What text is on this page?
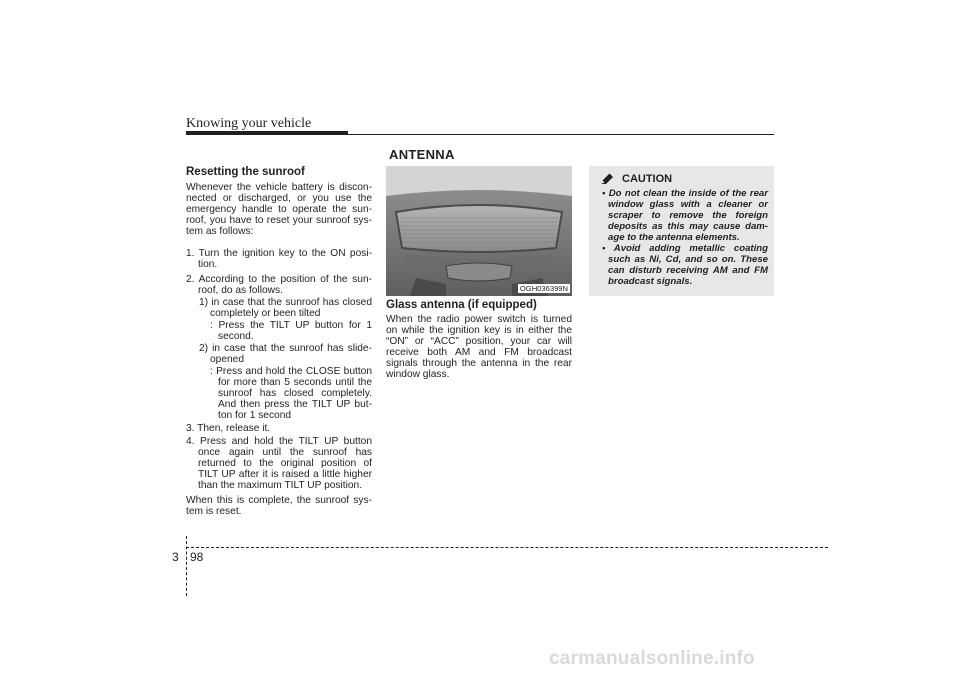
Knowing your vehicle
Resetting the sunroof
Whenever the vehicle battery is discon-nected or discharged, or you use the emergency handle to operate the sun-roof, you have to reset your sunroof sys-tem as follows:
1. Turn the ignition key to the ON posi-tion.
2. According to the position of the sun-roof, do as follows.
1) in case that the sunroof has closed completely or been tilted
: Press the TILT UP button for 1 second.
2) in case that the sunroof has slide-opened
: Press and hold the CLOSE button for more than 5 seconds until the sunroof has closed completely. And then press the TILT UP but-ton for 1 second
3. Then, release it.
4. Press and hold the TILT UP button once again until the sunroof has returned to the original position of TILT UP after it is raised a little higher than the maximum TILT UP position.
When this is complete, the sunroof sys-tem is reset.
ANTENNA
OGH036399N
Glass antenna (if equipped)
When the radio power switch is turned on while the ignition key is in either the “ON” or “ACC” position, your car will receive both AM and FM broadcast signals through the antenna in the rear window glass.
CAUTION
• Do not clean the inside of the rear window glass with a cleaner or scraper to remove the foreign deposits as this may cause dam-age to the antenna elements.
• Avoid adding metallic coating such as Ni, Cd, and so on. These can disturb receiving AM and FM broadcast signals.
3 98
carmanualsonline.info
